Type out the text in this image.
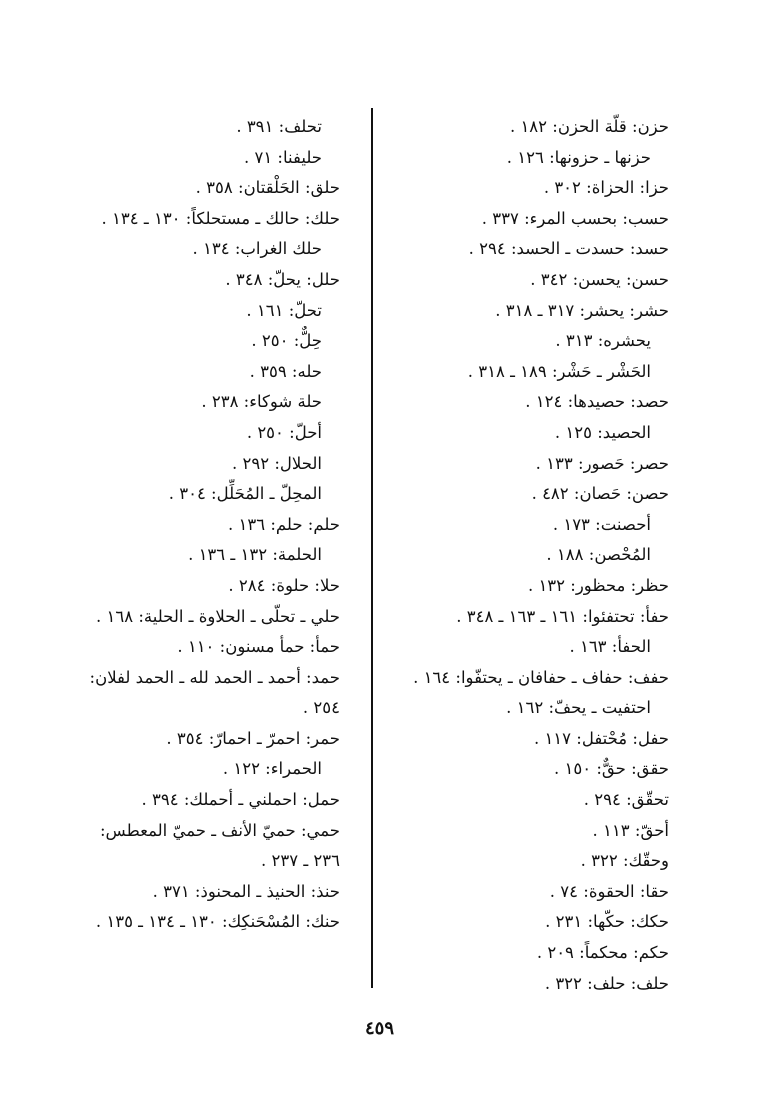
حزن: قلّة الحزن: ١٨٢ .
حزنها ـ حزونها: ١٢٦ .
حزا: الحزاة: ٣٠٢ .
حسب: بحسب المرء: ٣٣٧ .
حسد: حسدت ـ الحسد: ٢٩٤ .
حسن: يحسن: ٣٤٢ .
حشر: يحشر: ٣١٧ ـ ٣١٨ .
يحشره: ٣١٣ .
الحَشْر ـ حَشْر: ١٨٩ ـ ٣١٨ .
حصد: حصيدها: ١٢٤ .
الحصيد: ١٢٥ .
حصر: حَصور: ١٣٣ .
حصن: حَصان: ٤٨٢ .
أحصنت: ١٧٣ .
المُحْصن: ١٨٨ .
حظر: محظور: ١٣٢ .
حفأ: تحتفئوا: ١٦١ ـ ١٦٣ ـ ٣٤٨ .
الحفأ: ١٦٣ .
حفف: حفاف ـ حفافان ـ يحتفّوا: ١٦٤ .
احتفيت ـ يحفّ: ١٦٢ .
حفل: مُحْتفل: ١١٧ .
حقق: حقٌّ: ١٥٠ .
تحقّق: ٢٩٤ .
أحقّ: ١١٣ .
وحقّك: ٣٢٢ .
حقا: الحقوة: ٧٤ .
حكك: حكّها: ٢٣١ .
حكم: محكماً: ٢٠٩ .
حلف: حلف: ٣٢٢ .
تحلف: ٣٩١ .
حليفنا: ٧١ .
حلق: الحَلْقتان: ٣٥٨ .
حلك: حالك ـ مستحلكاً: ١٣٠ ـ ١٣٤ .
حلك الغراب: ١٣٤ .
حلل: يحلّ: ٣٤٨ .
تحلّ: ١٦١ .
حِلٌّ: ٢٥٠ .
حله: ٣٥٩ .
حلة شوكاء: ٢٣٨ .
أحلّ: ٢٥٠ .
الحلال: ٢٩٢ .
المحِلّ ـ المُحَلِّل: ٣٠٤ .
حلم: حلم: ١٣٦ .
الحلمة: ١٣٢ ـ ١٣٦ .
حلا: حلوة: ٢٨٤ .
حلي ـ تحلّى ـ الحلاوة ـ الحلية: ١٦٨ .
حمأ: حمأ مسنون: ١١٠ .
حمد: أحمد ـ الحمد لله ـ الحمد لفلان: ٢٥٤ .
حمر: احمرّ ـ احمارّ: ٣٥٤ .
الحمراء: ١٢٢ .
حمل: احملني ـ أحملك: ٣٩٤ .
حمي: حميّ الأنف ـ حميّ المعطس: ٢٣٦ ـ ٢٣٧ .
حنذ: الحنيذ ـ المحنوذ: ٣٧١ .
حنك: المُسْحَنكِك: ١٣٠ ـ ١٣٤ ـ ١٣٥ .
٤٥٩
